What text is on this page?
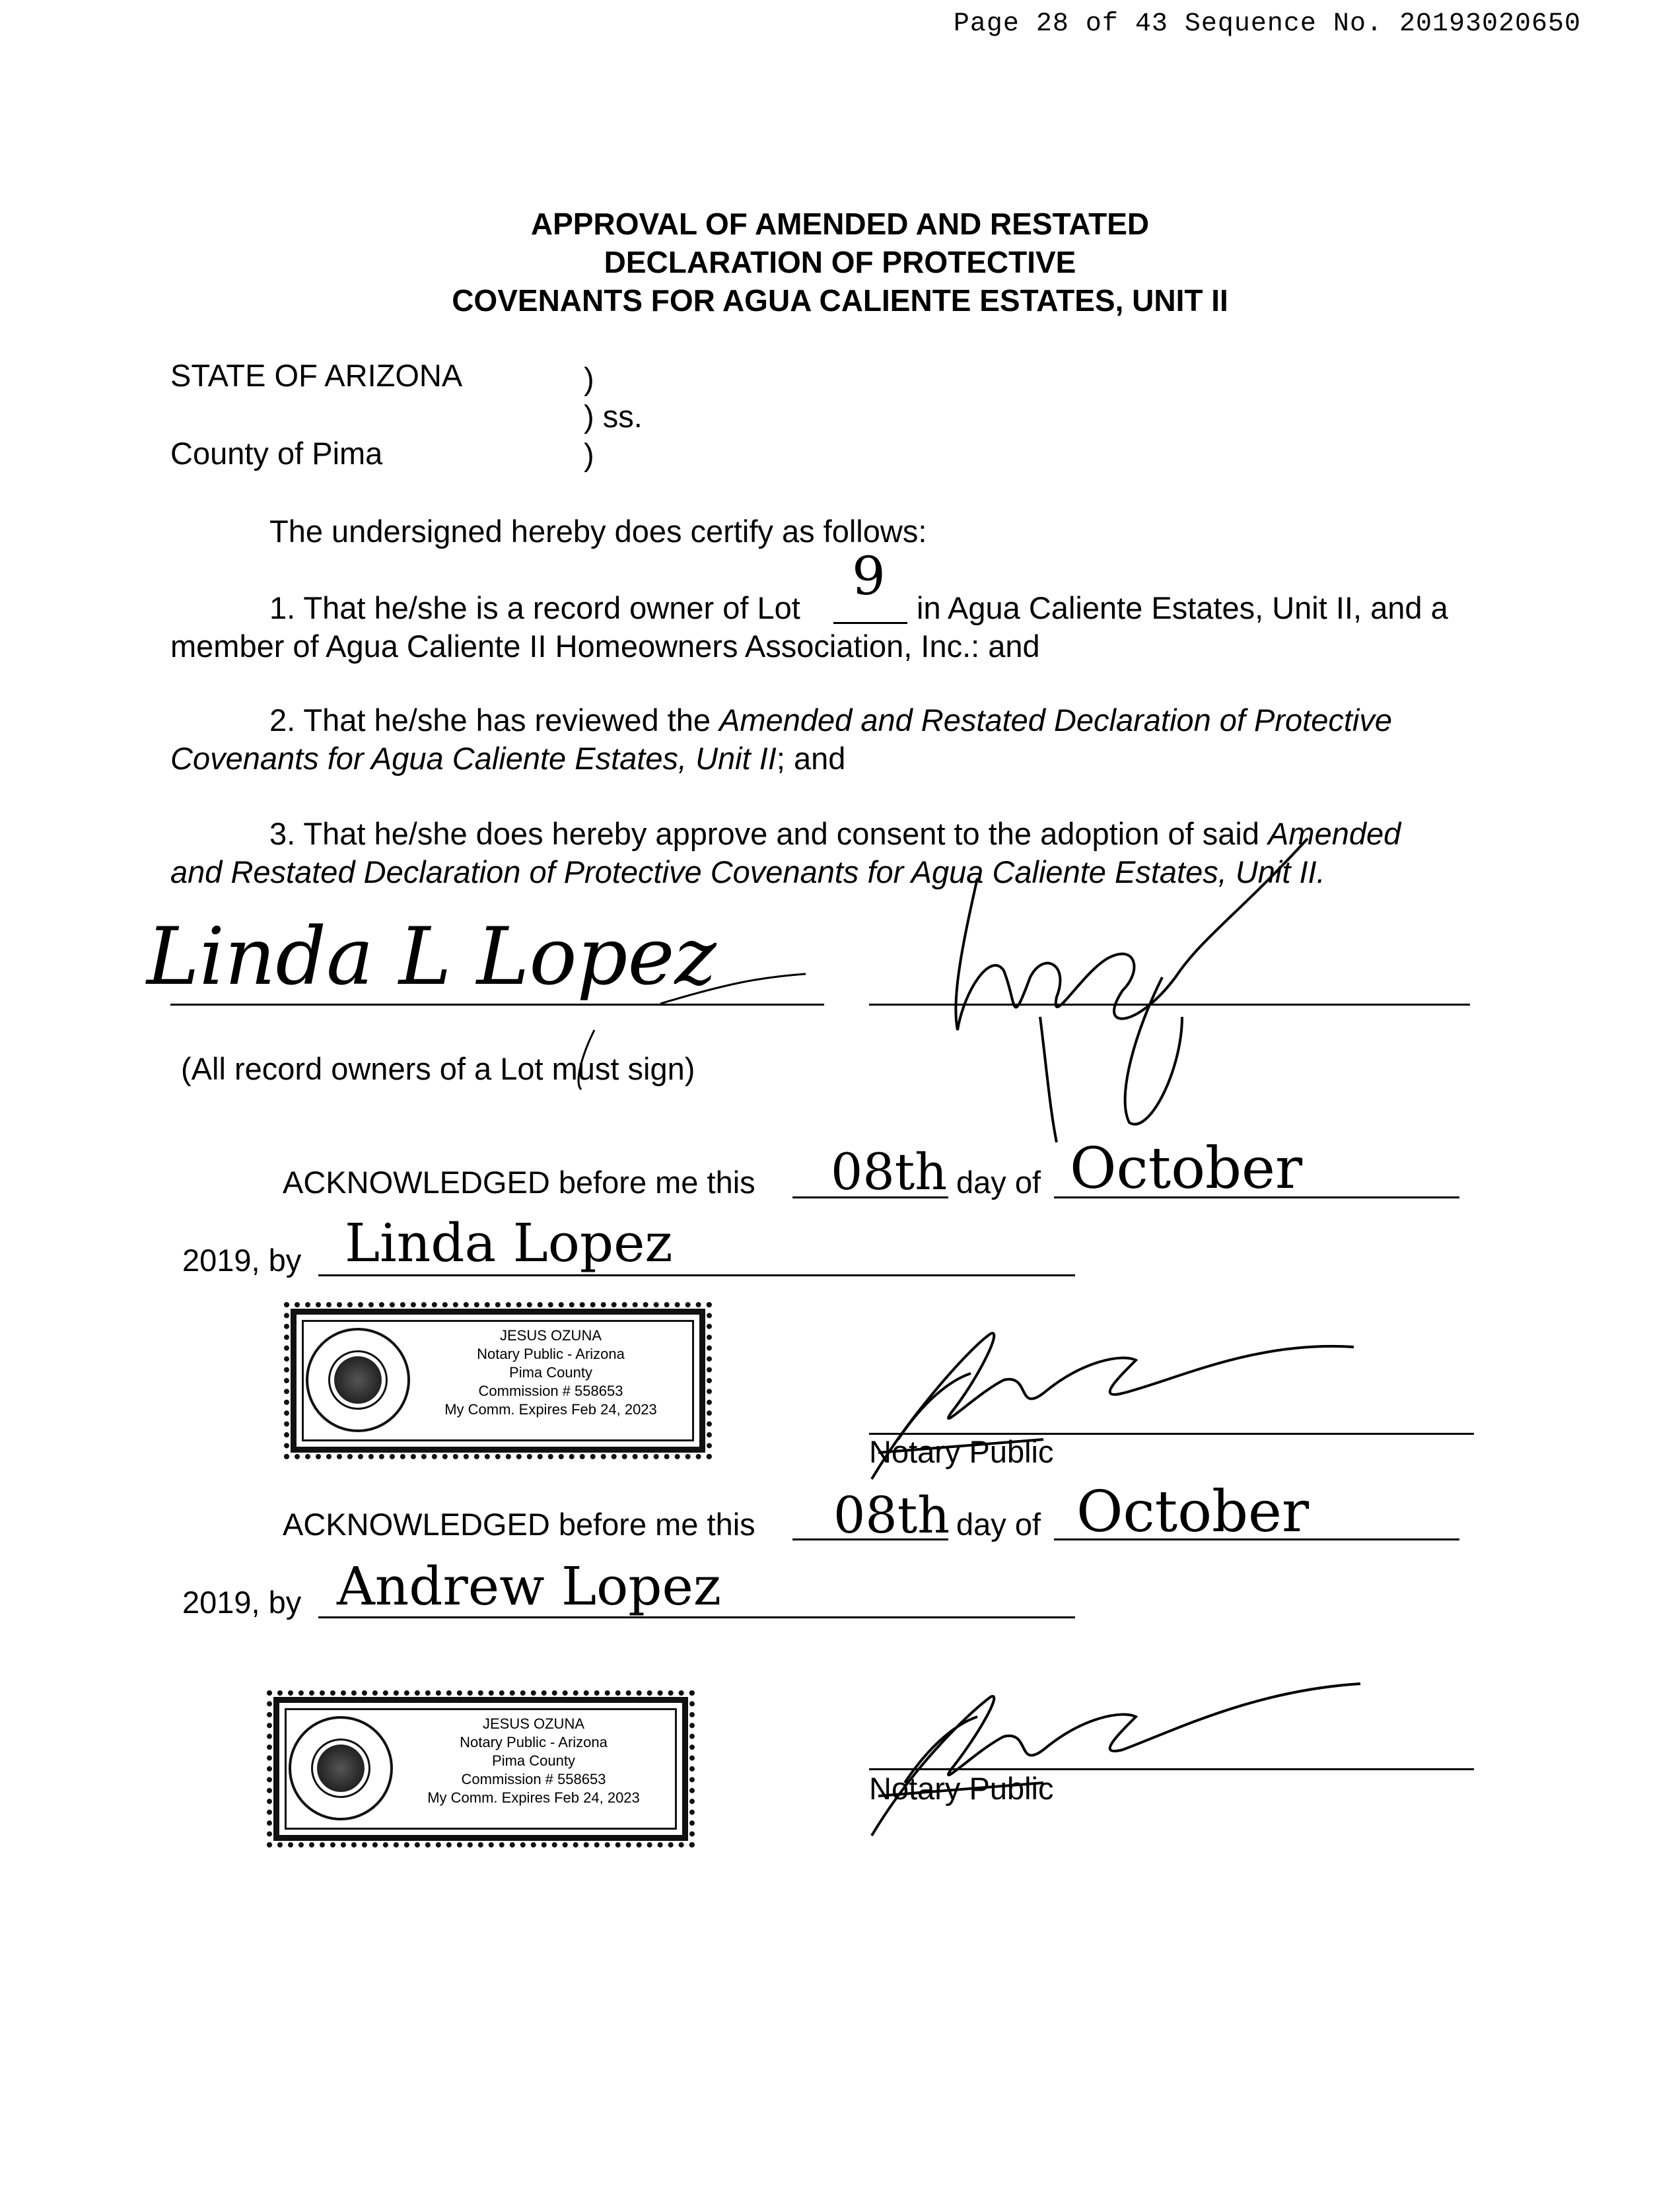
Page 28 of 43 Sequence No. 20193020650
APPROVAL OF AMENDED AND RESTATED
DECLARATION OF PROTECTIVE
COVENANTS FOR AGUA CALIENTE ESTATES, UNIT II
STATE OF ARIZONA
County of Pima
)
) ss.
)
The undersigned hereby does certify as follows:
1. That he/she is a record owner of Lot
9
in Agua Caliente Estates, Unit II, and a
member of Agua Caliente II Homeowners Association, Inc.: and
2. That he/she has reviewed the Amended and Restated Declaration of Protective
Covenants for Agua Caliente Estates, Unit II; and
3. That he/she does hereby approve and consent to the adoption of said Amended
and Restated Declaration of Protective Covenants for Agua Caliente Estates, Unit II.
Linda L Lopez
(All record owners of a Lot must sign)
ACKNOWLEDGED before me this 08th day of October
2019, by Linda Lopez
JESUS OZUNA
Notary Public - Arizona
Pima County
Commission # 558653
My Comm. Expires Feb 24, 2023
Notary Public
ACKNOWLEDGED before me this 08th day of October
2019, by Andrew Lopez
JESUS OZUNA
Notary Public - Arizona
Pima County
Commission # 558653
My Comm. Expires Feb 24, 2023	Notary Public
